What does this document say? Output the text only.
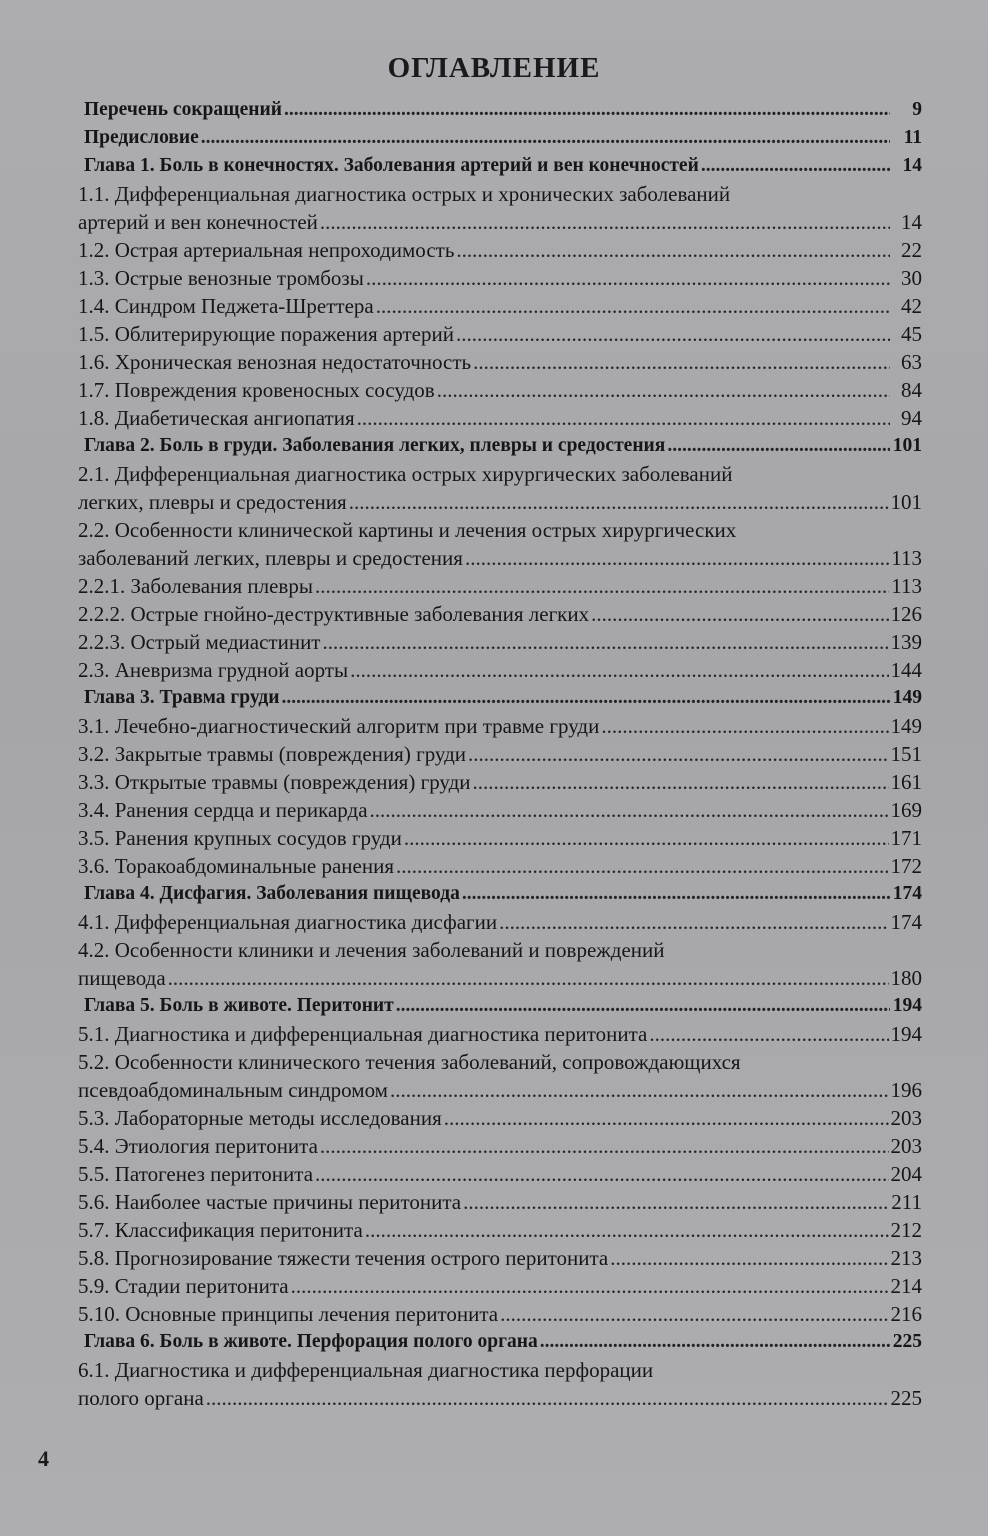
ОГЛАВЛЕНИЕ
Перечень сокращений .....	9
Предисловие .....	11
Глава 1. Боль в конечностях. Заболевания артерий и вен конечностей .....	14
1.1. Дифференциальная диагностика острых и хронических заболеваний
артерий и вен конечностей .....	14
1.2. Острая артериальная непроходимость .....	22
1.3. Острые венозные тромбозы .....	30
1.4. Синдром Педжета-Шреттера .....	42
1.5. Облитерирующие поражения артерий .....	45
1.6. Хроническая венозная недостаточность .....	63
1.7. Повреждения кровеносных сосудов .....	84
1.8. Диабетическая ангиопатия .....	94
Глава 2. Боль в груди. Заболевания легких, плевры и средостения .....	101
2.1. Дифференциальная диагностика острых хирургических заболеваний
легких, плевры и средостения .....	101
2.2. Особенности клинической картины и лечения острых хирургических
заболеваний легких, плевры и средостения .....	113
2.2.1. Заболевания плевры .....	113
2.2.2. Острые гнойно-деструктивные заболевания легких .....	126
2.2.3. Острый медиастинит .....	139
2.3. Аневризма грудной аорты .....	144
Глава 3. Травма груди .....	149
3.1. Лечебно-диагностический алгоритм при травме груди .....	149
3.2. Закрытые травмы (повреждения) груди .....	151
3.3. Открытые травмы (повреждения) груди .....	161
3.4. Ранения сердца и перикарда .....	169
3.5. Ранения крупных сосудов груди .....	171
3.6. Торакоабдоминальные ранения .....	172
Глава 4. Дисфагия. Заболевания пищевода .....	174
4.1. Дифференциальная диагностика дисфагии .....	174
4.2. Особенности клиники и лечения заболеваний и повреждений
пищевода .....	180
Глава 5. Боль в животе. Перитонит .....	194
5.1. Диагностика и дифференциальная диагностика перитонита .....	194
5.2. Особенности клинического течения заболеваний, сопровождающихся
псевдоабдоминальным синдромом .....	196
5.3. Лабораторные методы исследования .....	203
5.4. Этиология перитонита .....	203
5.5. Патогенез перитонита .....	204
5.6. Наиболее частые причины перитонита .....	211
5.7. Классификация перитонита .....	212
5.8. Прогнозирование тяжести течения острого перитонита .....	213
5.9. Стадии перитонита .....	214
5.10. Основные принципы лечения перитонита .....	216
Глава 6. Боль в животе. Перфорация полого органа .....	225
6.1. Диагностика и дифференциальная диагностика перфорации
полого органа .....	225
4
